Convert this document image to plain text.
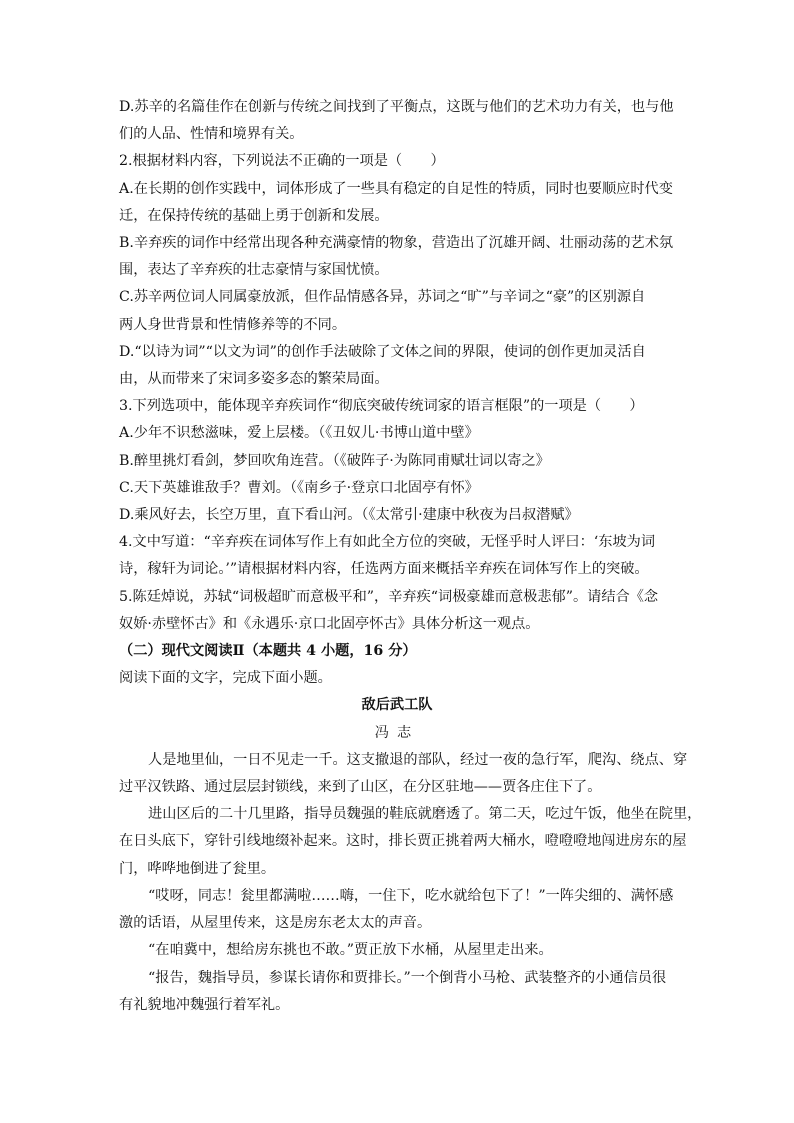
D.苏辛的名篇佳作在创新与传统之间找到了平衡点，这既与他们的艺术功力有关，也与他
们的人品、性情和境界有关。
2.根据材料内容，下列说法不正确的一项是（　　）
A.在长期的创作实践中，词体形成了一些具有稳定的自足性的特质，同时也要顺应时代变
迁，在保持传统的基础上勇于创新和发展。
B.辛弃疾的词作中经常出现各种充满豪情的物象，营造出了沉雄开阔、壮丽动荡的艺术氛
围，表达了辛弃疾的壮志豪情与家国忧愤。
C.苏辛两位词人同属豪放派，但作品情感各异，苏词之“旷”与辛词之“豪”的区别源自
两人身世背景和性情修养等的不同。
D.“以诗为词”“以文为词”的创作手法破除了文体之间的界限，使词的创作更加灵活自
由，从而带来了宋词多姿多态的繁荣局面。
3.下列选项中，能体现辛弃疾词作“彻底突破传统词家的语言框限”的一项是（　　）
A.少年不识愁滋味，爱上层楼。（《丑奴儿·书博山道中壁》
B.醉里挑灯看剑，梦回吹角连营。（《破阵子·为陈同甫赋壮词以寄之》
C.天下英雄谁敌手？曹刘。（《南乡子·登京口北固亭有怀》
D.乘风好去，长空万里，直下看山河。（《太常引·建康中秋夜为吕叔潜赋》
4.文中写道：“辛弃疾在词体写作上有如此全方位的突破，无怪乎时人评曰：‘东坡为词
诗，稼轩为词论。’”请根据材料内容，任选两方面来概括辛弃疾在词体写作上的突破。
5.陈廷焯说，苏轼“词极超旷而意极平和”，辛弃疾“词极豪雄而意极悲郁”。请结合《念
奴娇·赤壁怀古》和《永遇乐·京口北固亭怀古》具体分析这一观点。
（二）现代文阅读Ⅱ（本题共 4 小题，16 分）
阅读下面的文字，完成下面小题。
敌后武工队
冯志
人是地里仙，一日不见走一千。这支撤退的部队，经过一夜的急行军，爬沟、绕点、穿
过平汉铁路、通过层层封锁线，来到了山区，在分区驻地——贾各庄住下了。
进山区后的二十几里路，指导员魏强的鞋底就磨透了。第二天，吃过午饭，他坐在院里，
在日头底下，穿针引线地缀补起来。这时，排长贾正挑着两大桶水，噔噔噔地闯进房东的屋
门，哗哗地倒进了瓮里。
“哎呀，同志！瓮里都满啦……嗨，一住下，吃水就给包下了！”一阵尖细的、满怀感
激的话语，从屋里传来，这是房东老太太的声音。
“在咱冀中，想给房东挑也不敢。”贾正放下水桶，从屋里走出来。
“报告，魏指导员，参谋长请你和贾排长。”一个倒背小马枪、武装整齐的小通信员很
有礼貌地冲魏强行着军礼。
